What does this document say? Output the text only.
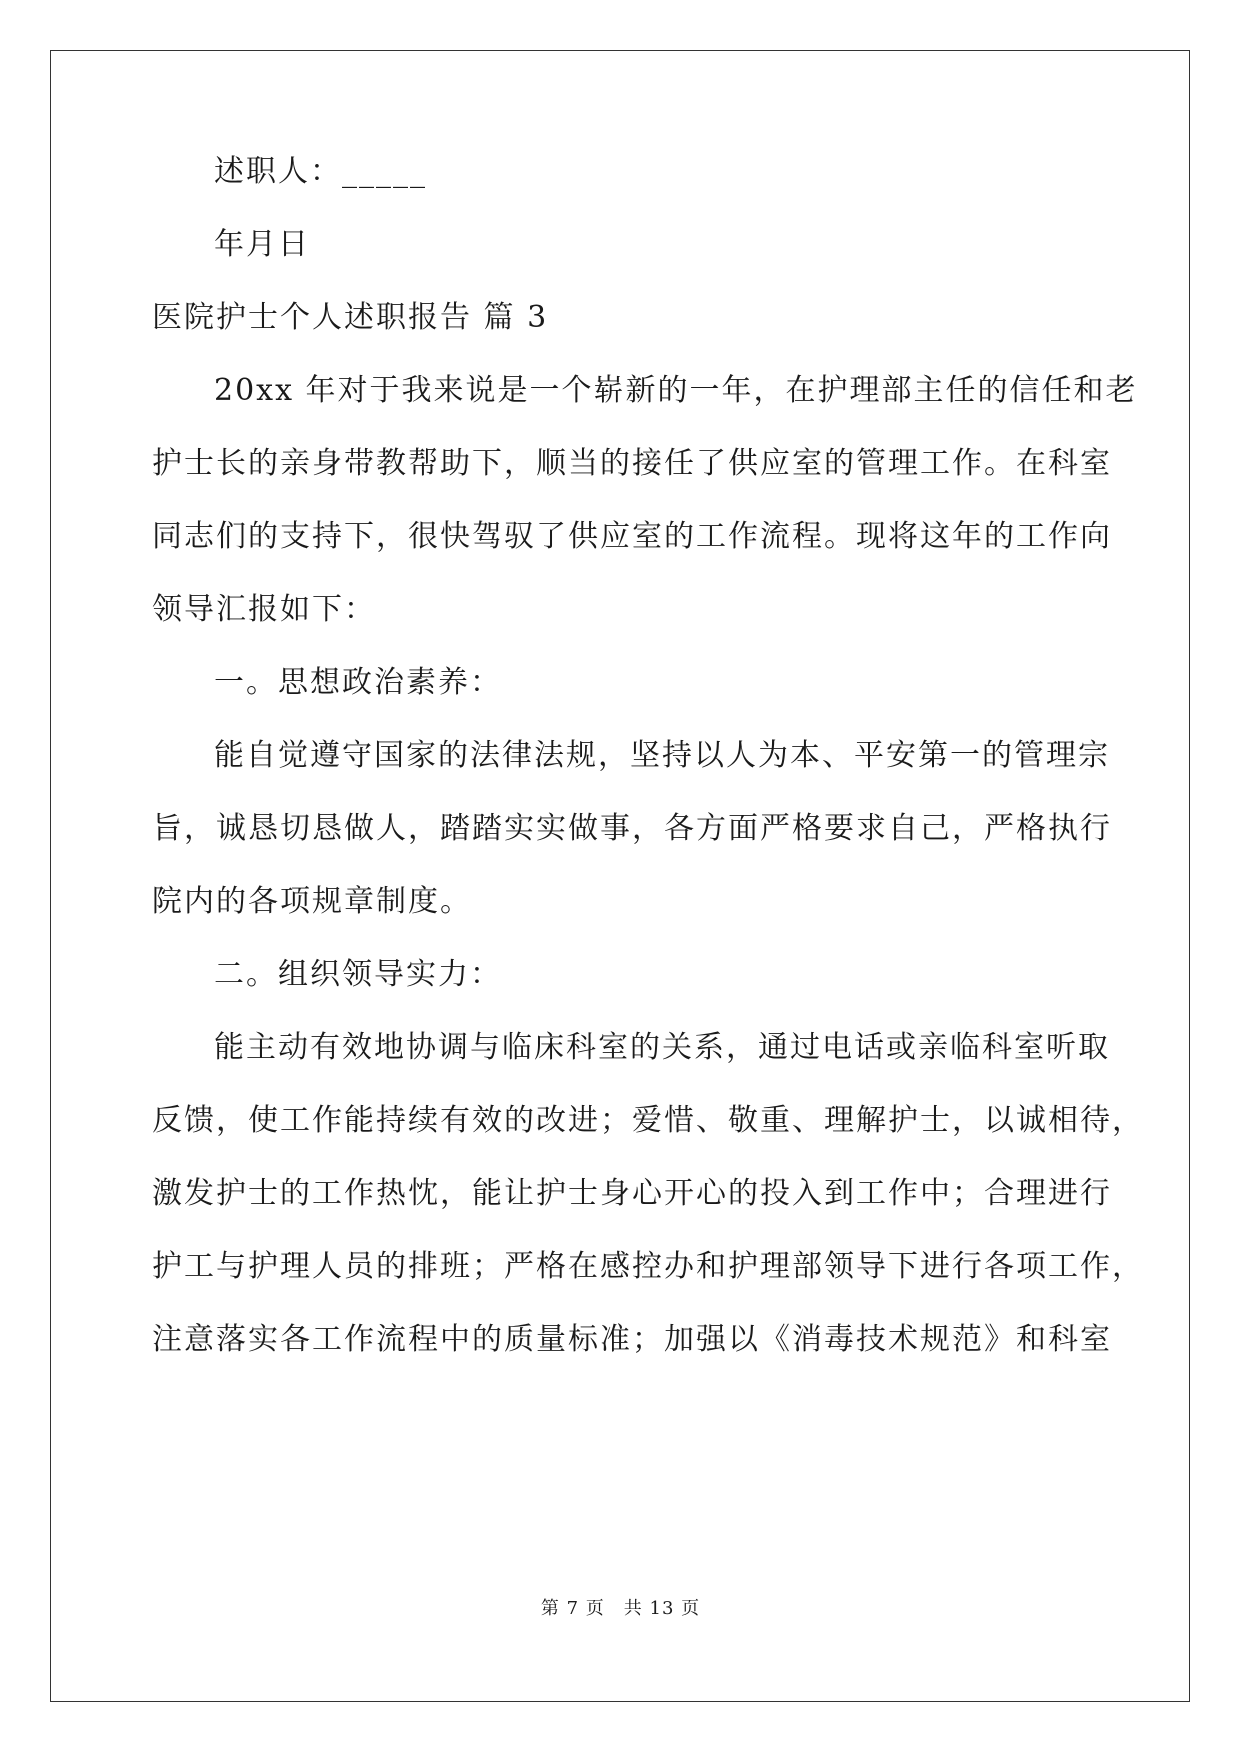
述职人：_____
年月日
医院护士个人述职报告 篇 3
20xx 年对于我来说是一个崭新的一年，在护理部主任的信任和老
护士长的亲身带教帮助下，顺当的接任了供应室的管理工作。在科室
同志们的支持下，很快驾驭了供应室的工作流程。现将这年的工作向
领导汇报如下：
一。思想政治素养：
能自觉遵守国家的法律法规，坚持以人为本、平安第一的管理宗
旨，诚恳切恳做人，踏踏实实做事，各方面严格要求自己，严格执行
院内的各项规章制度。
二。组织领导实力：
能主动有效地协调与临床科室的关系，通过电话或亲临科室听取
反馈，使工作能持续有效的改进；爱惜、敬重、理解护士，以诚相待，
激发护士的工作热忱，能让护士身心开心的投入到工作中；合理进行
护工与护理人员的排班；严格在感控办和护理部领导下进行各项工作，
注意落实各工作流程中的质量标准；加强以《消毒技术规范》和科室
第 7 页　共 13 页
